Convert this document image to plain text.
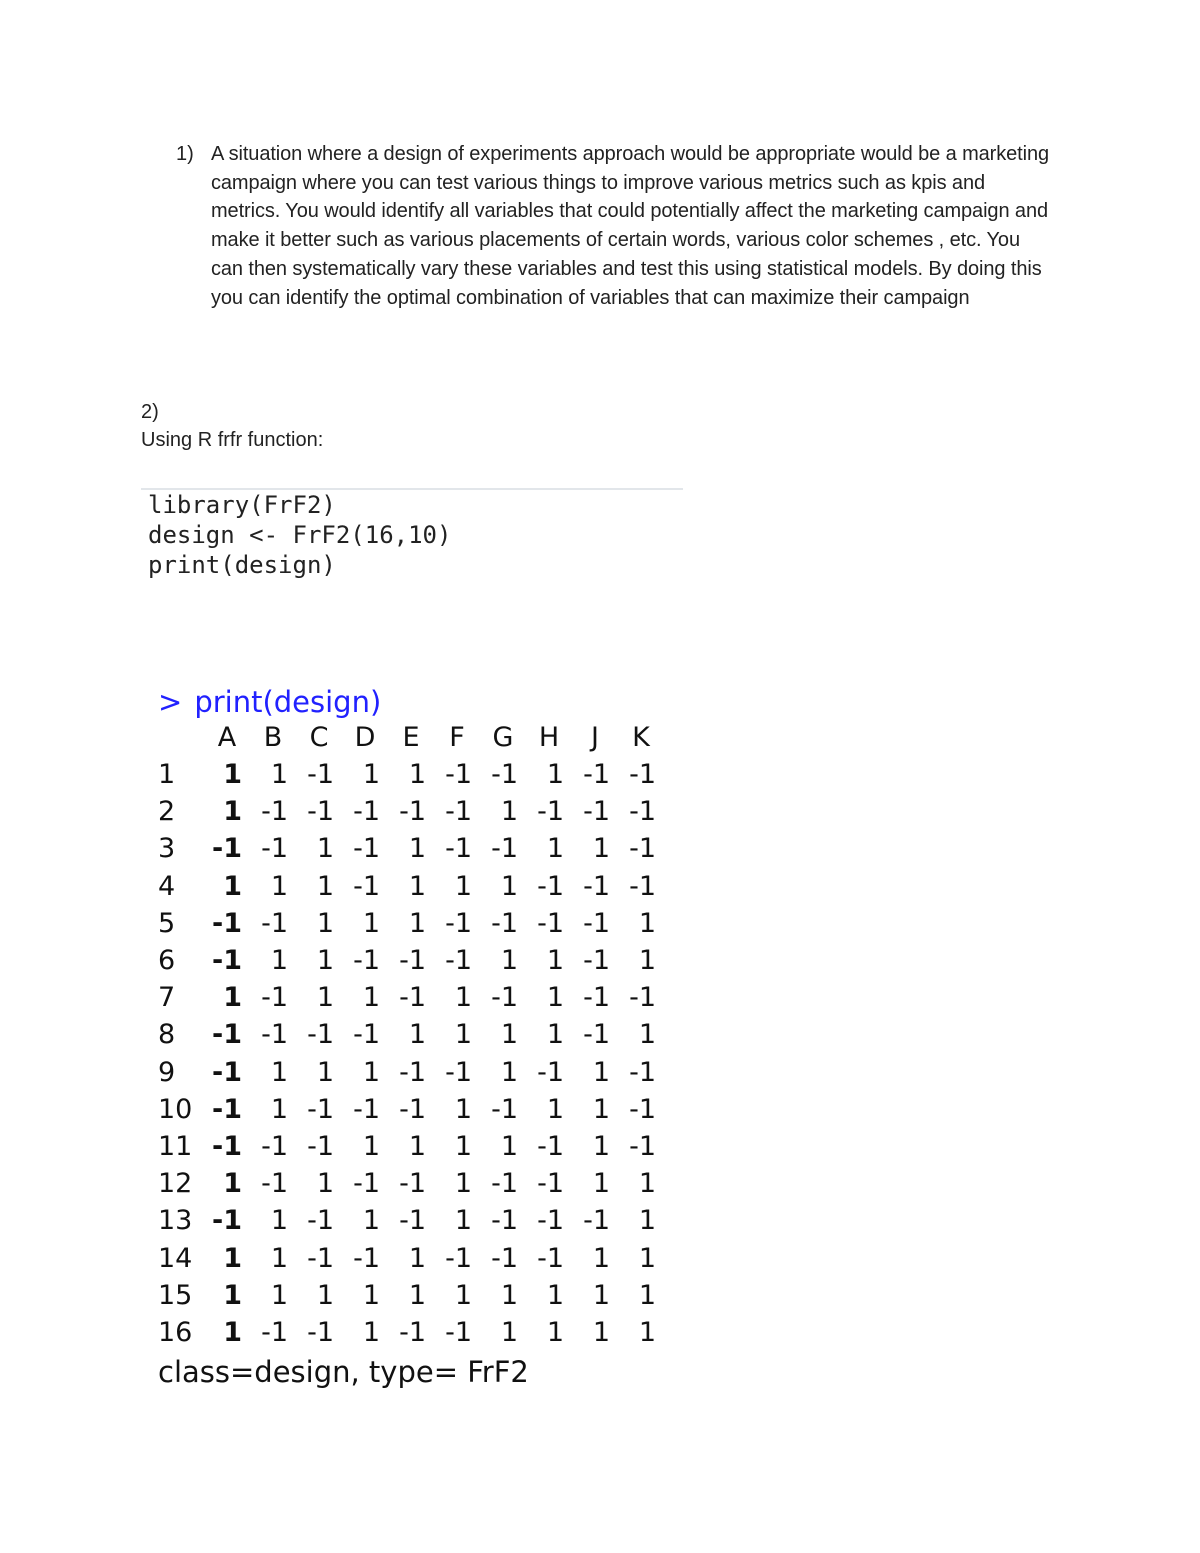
1) A situation where a design of experiments approach would be appropriate would be a marketing campaign where you can test various things to improve various metrics such as kpis and metrics. You would identify all variables that could potentially affect the marketing campaign and make it better such as various placements of certain words, various color schemes , etc. You can then systematically vary these variables and test this using statistical models. By doing this you can identify the optimal combination of variables that can maximize their campaign
2)
Using R frfr function:
library(FrF2)
design <- FrF2(16,10)
print(design)
> print(design)
class=design, type= FrF2
A B C D E F G H	J	K
1	1	1 -1	1	1 -1 -1	1 -1 -1
2	1 -1 -1 -1 -1 -1	1 -1 -1 -1
3	-1 -1	1 -1	1 -1 -1	1	1 -1
4	1	1	1 -1	1	1	1 -1 -1 -1
5	-1 -1	1	1	1 -1 -1 -1 -1	1
6	-1	1	1 -1 -1 -1	1	1 -1	1
7	1 -1	1	1 -1	1 -1	1 -1 -1
8	-1 -1 -1 -1	1	1	1	1 -1	1
9	-1	1	1	1 -1 -1	1 -1	1 -1
10 -1	1 -1 -1 -1	1 -1	1	1 -1
11 -1 -1 -1	1	1	1	1 -1	1 -1
12	1 -1	1 -1 -1	1 -1 -1	1	1
13 -1	1 -1	1 -1	1 -1 -1 -1	1
14	1	1 -1 -1	1 -1 -1 -1	1	1
15	1	1	1	1	1	1	1	1	1	1
16	1 -1 -1	1 -1 -1	1	1	1	1
